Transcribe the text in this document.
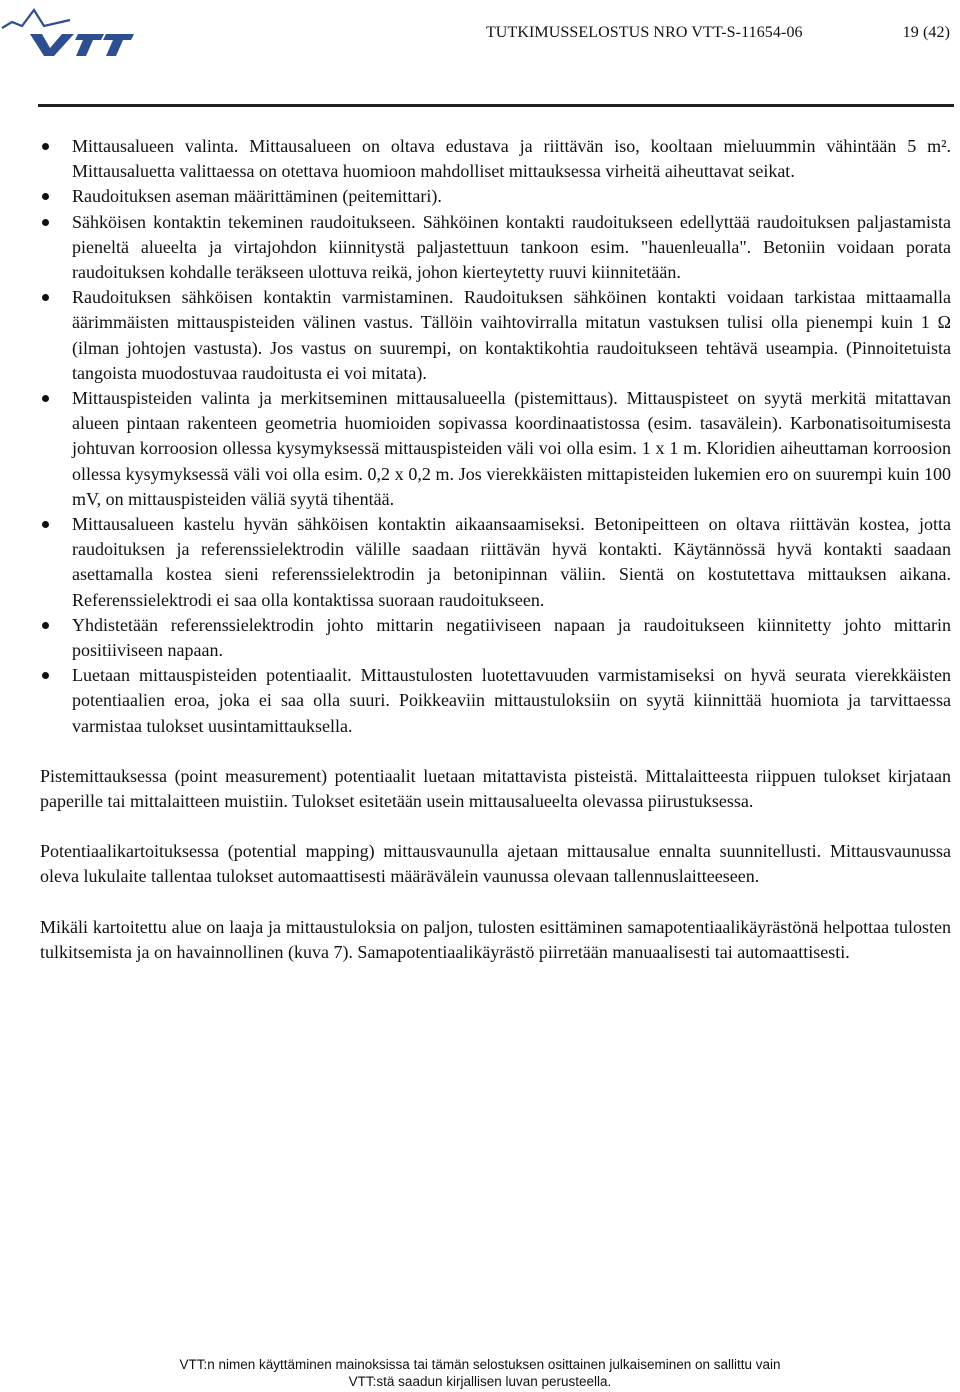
TUTKIMUSSELOSTUS NRO VTT-S-11654-06	19 (42)
Mittausalueen valinta. Mittausalueen on oltava edustava ja riittävän iso, kooltaan mieluummin vähintään 5 m². Mittausaluetta valittaessa on otettava huomioon mahdolliset mittauksessa virheitä aiheuttavat seikat.
Raudoituksen aseman määrittäminen (peitemittari).
Sähköisen kontaktin tekeminen raudoitukseen. Sähköinen kontakti raudoitukseen edellyttää raudoituksen paljastamista pieneltä alueelta ja virtajohdon kiinnitystä paljastettuun tankoon esim. "hauenleualla". Betoniin voidaan porata raudoituksen kohdalle teräkseen ulottuva reikä, johon kierteytetty ruuvi kiinnitetään.
Raudoituksen sähköisen kontaktin varmistaminen. Raudoituksen sähköinen kontakti voidaan tarkistaa mittaamalla äärimmäisten mittauspisteiden välinen vastus. Tällöin vaihtovirralla mitatun vastuksen tulisi olla pienempi kuin 1 Ω (ilman johtojen vastusta). Jos vastus on suurempi, on kontaktikohtia raudoitukseen tehtävä useampia. (Pinnoitetuista tangoista muodostuvaa raudoitusta ei voi mitata).
Mittauspisteiden valinta ja merkitseminen mittausalueella (pistemittaus). Mittauspisteet on syytä merkitä mitattavan alueen pintaan rakenteen geometria huomioiden sopivassa koordinaatistossa (esim. tasavälein). Karbonatisoitumisesta johtuvan korroosion ollessa kysymyksessä mittauspisteiden väli voi olla esim. 1 x 1 m. Kloridien aiheuttaman korroosion ollessa kysymyksessä väli voi olla esim. 0,2 x 0,2 m. Jos vierekkäisten mittapisteiden lukemien ero on suurempi kuin 100 mV, on mittauspisteiden väliä syytä tihentää.
Mittausalueen kastelu hyvän sähköisen kontaktin aikaansaamiseksi. Betonipeitteen on oltava riittävän kostea, jotta raudoituksen ja referenssielektrodin välille saadaan riittävän hyvä kontakti. Käytännössä hyvä kontakti saadaan asettamalla kostea sieni referenssielektrodin ja betonipinnan väliin. Sientä on kostutettava mittauksen aikana. Referenssielektrodi ei saa olla kontaktissa suoraan raudoitukseen.
Yhdistetään referenssielektrodin johto mittarin negatiiviseen napaan ja raudoitukseen kiinnitetty johto mittarin positiiviseen napaan.
Luetaan mittauspisteiden potentiaalit. Mittaustulosten luotettavuuden varmistamiseksi on hyvä seurata vierekkäisten potentiaalien eroa, joka ei saa olla suuri. Poikkeaviin mittaustuloksiin on syytä kiinnittää huomiota ja tarvittaessa varmistaa tulokset uusintamittauksella.

Pistemittauksessa (point measurement) potentiaalit luetaan mitattavista pisteistä. Mittalaitteesta riippuen tulokset kirjataan paperille tai mittalaitteen muistiin. Tulokset esitetään usein mittausalueelta olevassa piirustuksessa.

Potentiaalikartoituksessa (potential mapping) mittausvaunulla ajetaan mittausalue ennalta suunnitellusti. Mittausvaunussa oleva lukulaite tallentaa tulokset automaattisesti määrävälein vaunussa olevaan tallennuslaitteeseen.

Mikäli kartoitettu alue on laaja ja mittaustuloksia on paljon, tulosten esittäminen samapotentiaalikäyrästönä helpottaa tulosten tulkitsemista ja on havainnollinen (kuva 7). Samapotentiaalikäyrästö piirretään manuaalisesti tai automaattisesti.

VTT:n nimen käyttäminen mainoksissa tai tämän selostuksen osittainen julkaiseminen on sallittu vain
VTT:stä saadun kirjallisen luvan perusteella.
